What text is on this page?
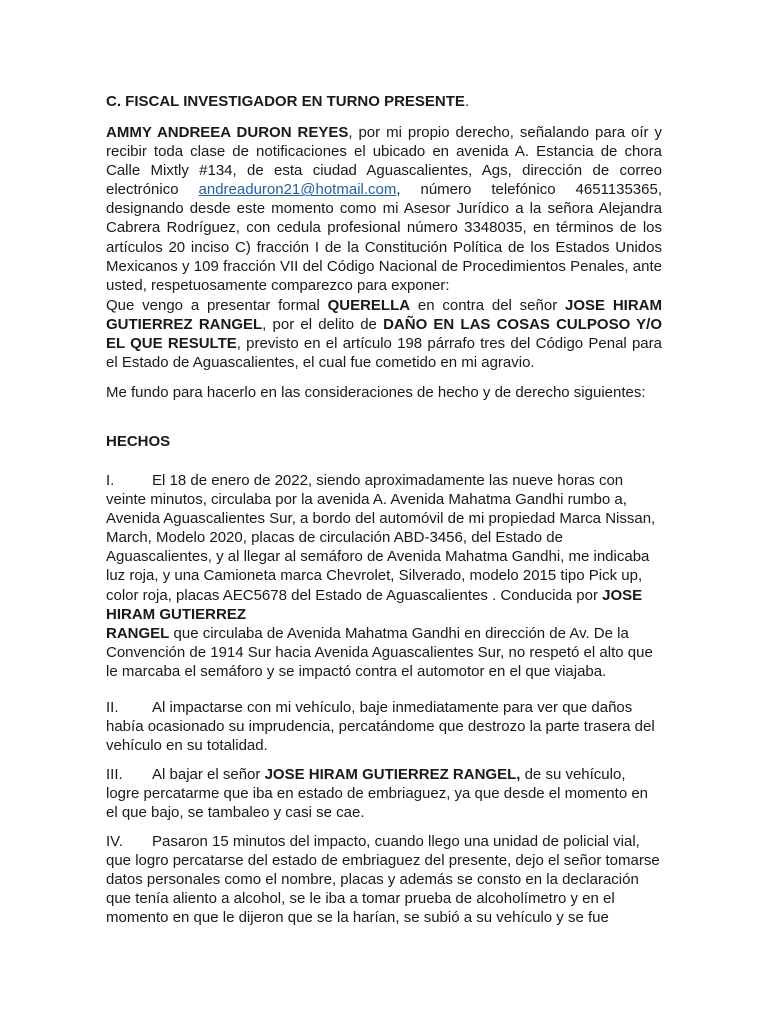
C. FISCAL INVESTIGADOR EN TURNO PRESENTE.

AMMY ANDREEA DURON REYES, por mi propio derecho, señalando para oír y recibir toda clase de notificaciones el ubicado en avenida A. Estancia de chora Calle Mixtly #134, de esta ciudad Aguascalientes, Ags, dirección de correo electrónico andreaduron21@hotmail.com, número telefónico 4651135365, designando desde este momento como mi Asesor Jurídico a la señora Alejandra Cabrera Rodríguez, con cedula profesional número 3348035, en términos de los artículos 20 inciso C) fracción I de la Constitución Política de los Estados Unidos Mexicanos y 109 fracción VII del Código Nacional de Procedimientos Penales, ante usted, respetuosamente comparezco para exponer:

Que vengo a presentar formal QUERELLA en contra del señor JOSE HIRAM GUTIERREZ RANGEL, por el delito de DAÑO EN LAS COSAS CULPOSO Y/O EL QUE RESULTE, previsto en el artículo 198 párrafo tres del Código Penal para el Estado de Aguascalientes, el cual fue cometido en mi agravio.

Me fundo para hacerlo en las consideraciones de hecho y de derecho siguientes:

HECHOS

I.	El 18 de enero de 2022, siendo aproximadamente las nueve horas con veinte minutos, circulaba por la avenida A. Avenida Mahatma Gandhi rumbo a, Avenida Aguascalientes Sur, a bordo del automóvil de mi propiedad Marca Nissan, March, Modelo 2020, placas de circulación ABD-3456, del Estado de Aguascalientes, y al llegar al semáforo de Avenida Mahatma Gandhi, me indicaba luz roja, y una Camioneta marca Chevrolet, Silverado, modelo 2015 tipo Pick up, color roja, placas AEC5678 del Estado de Aguascalientes . Conducida por JOSE HIRAM GUTIERREZ
RANGEL que circulaba de Avenida Mahatma Gandhi en dirección de Av. De la Convención de 1914 Sur hacia Avenida Aguascalientes Sur, no respetó el alto que le marcaba el semáforo y se impactó contra el automotor en el que viajaba.

II. Al impactarse con mi vehículo, baje inmediatamente para ver que daños había ocasionado su imprudencia, percatándome que destrozo la parte trasera del vehículo en su totalidad.

III. Al bajar el señor JOSE HIRAM GUTIERREZ RANGEL, de su vehículo, logre percatarme que iba en estado de embriaguez, ya que desde el momento en el que bajo, se tambaleo y casi se cae.

IV. Pasaron 15 minutos del impacto, cuando llego una unidad de policial vial, que logro percatarse del estado de embriaguez del presente, dejo el señor tomarse datos personales como el nombre, placas y además se consto en la declaración que tenía aliento a alcohol, se le iba a tomar prueba de alcoholímetro y en el momento en que le dijeron que se la harían, se subió a su vehículo y se fue
